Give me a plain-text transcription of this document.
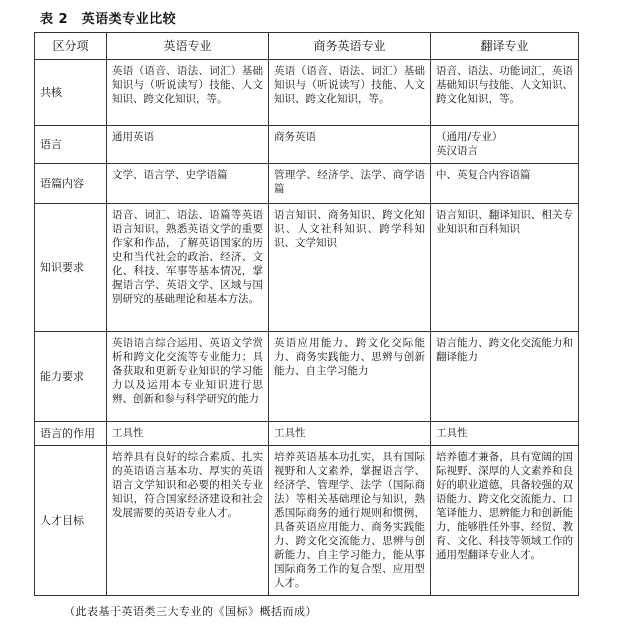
表 2　英语类专业比较
区分项	英语专业	商务英语专业	翻译专业
共核	英语（语音、语法、词汇）基础知识与（听说读写）技能、人文知识、跨文化知识，等。	英语（语音、语法、词汇）基础知识与（听说读写）技能、人文知识、跨文化知识，等。	语音、语法、功能词汇，英语基础知识与技能、人文知识、跨文化知识，等。
语言	通用英语	商务英语	（通用/专业）
英汉语言
语篇内容	文学、语言学、史学语篇	管理学、经济学、法学、商学语篇	中、英复合内容语篇
知识要求	语音、词汇、语法、语篇等英语语言知识，熟悉英语文学的重要作家和作品，了解英语国家的历史和当代社会的政治、经济、文化、科技、军事等基本情况，掌握语言学、英语文学、区域与国别研究的基础理论和基本方法。	语言知识、商务知识、跨文化知识、人文社科知识、跨学科知识、文学知识	语言知识、翻译知识、相关专业知识和百科知识
能力要求	英语语言综合运用、英语文学赏析和跨文化交流等专业能力；具备获取和更新专业知识的学习能力以及运用本专业知识进行思辨、创新和参与科学研究的能力	英语应用能力、跨文化交际能力、商务实践能力、思辨与创新能力、自主学习能力	语言能力、跨文化交流能力和翻译能力
语言的作用	工具性	工具性	工具性
人才目标	培养具有良好的综合素质、扎实的英语语言基本功、厚实的英语语言文学知识和必要的相关专业知识，符合国家经济建设和社会发展需要的英语专业人才。	培养英语基本功扎实，具有国际视野和人文素养，掌握语言学、经济学、管理学、法学（国际商法）等相关基础理论与知识，熟悉国际商务的通行规则和惯例，具备英语应用能力、商务实践能力、跨文化交流能力、思辨与创新能力、自主学习能力，能从事国际商务工作的复合型、应用型人才。	培养德才兼备，具有宽阔的国际视野、深厚的人文素养和良好的职业道德，具备较强的双语能力、跨文化交流能力、口笔译能力、思辨能力和创新能力，能够胜任外事、经贸、教育、文化、科技等领域工作的通用型翻译专业人才。
（此表基于英语类三大专业的《国标》概括而成）
